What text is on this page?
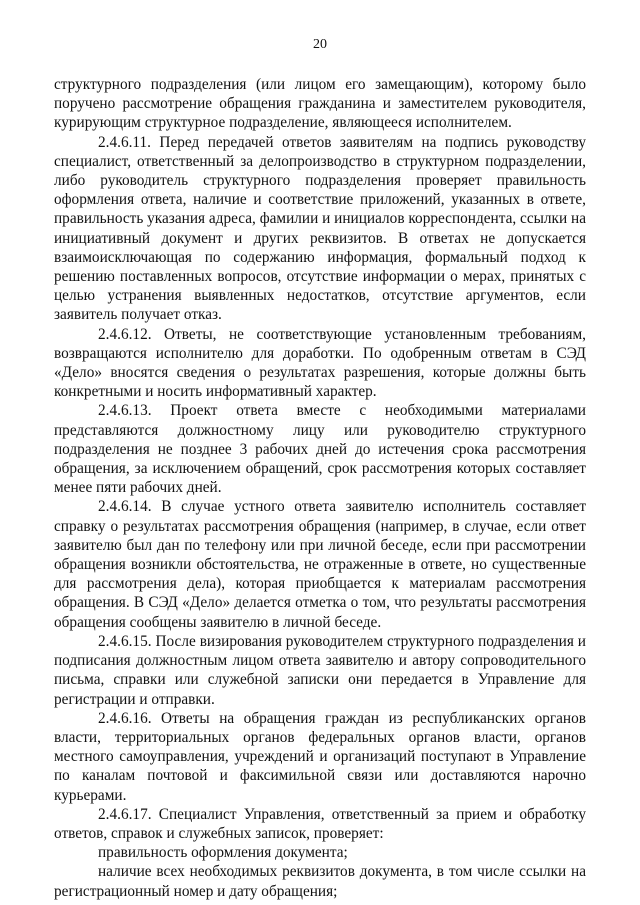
20

структурного подразделения (или лицом его замещающим), которому было поручено рассмотрение обращения гражданина и заместителем руководителя, курирующим структурное подразделение, являющееся исполнителем.

2.4.6.11. Перед передачей ответов заявителям на подпись руководству специалист, ответственный за делопроизводство в структурном подразделении, либо руководитель структурного подразделения проверяет правильность оформления ответа, наличие и соответствие приложений, указанных в ответе, правильность указания адреса, фамилии и инициалов корреспондента, ссылки на инициативный документ и других реквизитов. В ответах не допускается взаимоисключающая по содержанию информация, формальный подход к решению поставленных вопросов, отсутствие информации о мерах, принятых с целью устранения выявленных недостатков, отсутствие аргументов, если заявитель получает отказ.

2.4.6.12. Ответы, не соответствующие установленным требованиям, возвращаются исполнителю для доработки. По одобренным ответам в СЭД «Дело» вносятся сведения о результатах разрешения, которые должны быть конкретными и носить информативный характер.

2.4.6.13. Проект ответа вместе с необходимыми материалами представляются должностному лицу или руководителю структурного подразделения не позднее 3 рабочих дней до истечения срока рассмотрения обращения, за исключением обращений, срок рассмотрения которых составляет менее пяти рабочих дней.

2.4.6.14. В случае устного ответа заявителю исполнитель составляет справку о результатах рассмотрения обращения (например, в случае, если ответ заявителю был дан по телефону или при личной беседе, если при рассмотрении обращения возникли обстоятельства, не отраженные в ответе, но существенные для рассмотрения дела), которая приобщается к материалам рассмотрения обращения. В СЭД «Дело» делается отметка о том, что результаты рассмотрения обращения сообщены заявителю в личной беседе.

2.4.6.15. После визирования руководителем структурного подразделения и подписания должностным лицом ответа заявителю и автору сопроводительного письма, справки или служебной записки они передается в Управление для регистрации и отправки.

2.4.6.16. Ответы на обращения граждан из республиканских органов власти, территориальных органов федеральных органов власти, органов местного самоуправления, учреждений и организаций поступают в Управление по каналам почтовой и факсимильной связи или доставляются нарочно курьерами.

2.4.6.17. Специалист Управления, ответственный за прием и обработку ответов, справок и служебных записок, проверяет:

правильность оформления документа;

наличие всех необходимых реквизитов документа, в том числе ссылки на регистрационный номер и дату обращения;
